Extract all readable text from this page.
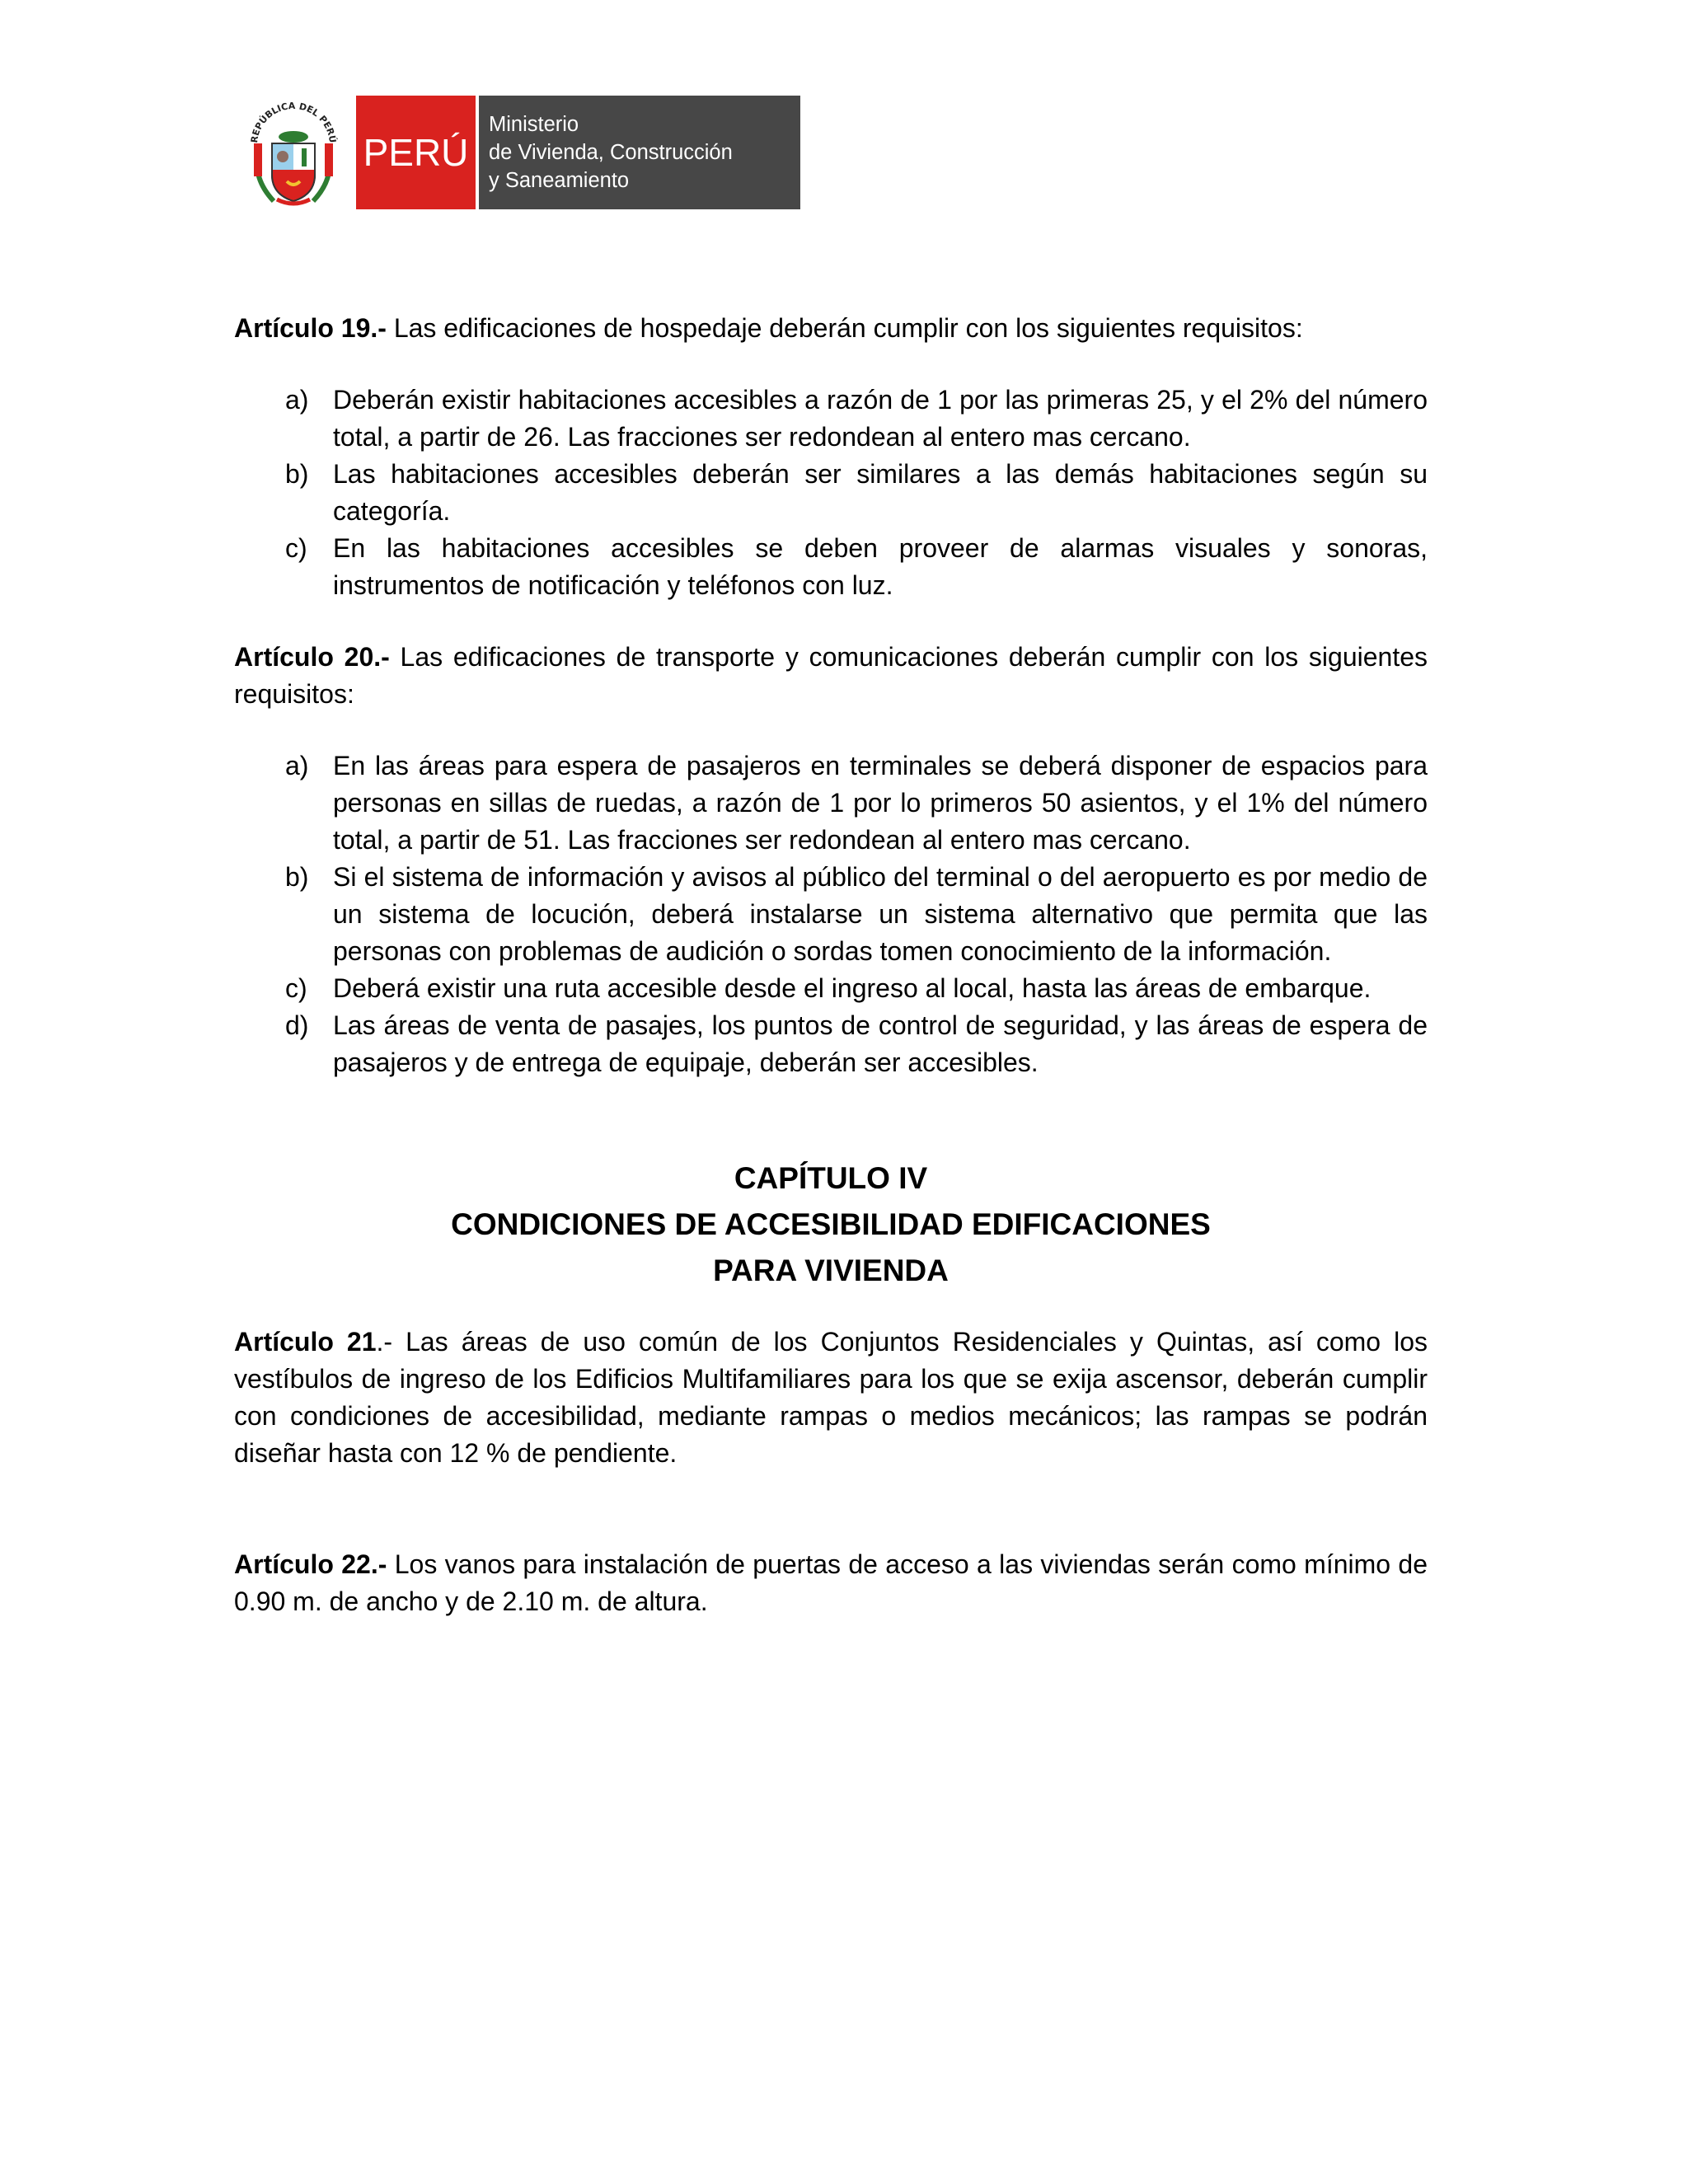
REPÚBLICA DEL PERÚ PERÚ
Ministerio
de Vivienda, Construcción
y Saneamiento

Artículo 19.- Las edificaciones de hospedaje deberán cumplir con los siguientes requisitos:

a) Deberán existir habitaciones accesibles a razón de 1 por las primeras 25, y el 2% del número total, a partir de 26. Las fracciones ser redondean al entero mas cercano.
b) Las habitaciones accesibles deberán ser similares a las demás habitaciones según su categoría.
c) En las habitaciones accesibles se deben proveer de alarmas visuales y sonoras, instrumentos de notificación y teléfonos con luz.

Artículo 20.- Las edificaciones de transporte y comunicaciones deberán cumplir con los siguientes requisitos:

a) En las áreas para espera de pasajeros en terminales se deberá disponer de espacios para personas en sillas de ruedas, a razón de 1 por lo primeros 50 asientos, y el 1% del número total, a partir de 51. Las fracciones ser redondean al entero mas cercano.
b) Si el sistema de información y avisos al público del terminal o del aeropuerto es por medio de un sistema de locución, deberá instalarse un sistema alternativo que permita que las personas con problemas de audición o sordas tomen conocimiento de la información.
c) Deberá existir una ruta accesible desde el ingreso al local, hasta las áreas de embarque.
d) Las áreas de venta de pasajes, los puntos de control de seguridad, y las áreas de espera de pasajeros y de entrega de equipaje, deberán ser accesibles.
CAPÍTULO IV
CONDICIONES DE ACCESIBILIDAD EDIFICACIONES
PARA VIVIENDA

Artículo 21.- Las áreas de uso común de los Conjuntos Residenciales y Quintas, así como los vestíbulos de ingreso de los Edificios Multifamiliares para los que se exija ascensor, deberán cumplir con condiciones de accesibilidad, mediante rampas o medios mecánicos; las rampas se podrán diseñar hasta con 12 % de pendiente.

Artículo 22.- Los vanos para instalación de puertas de acceso a las viviendas serán como mínimo de 0.90 m. de ancho y de 2.10 m. de altura.
